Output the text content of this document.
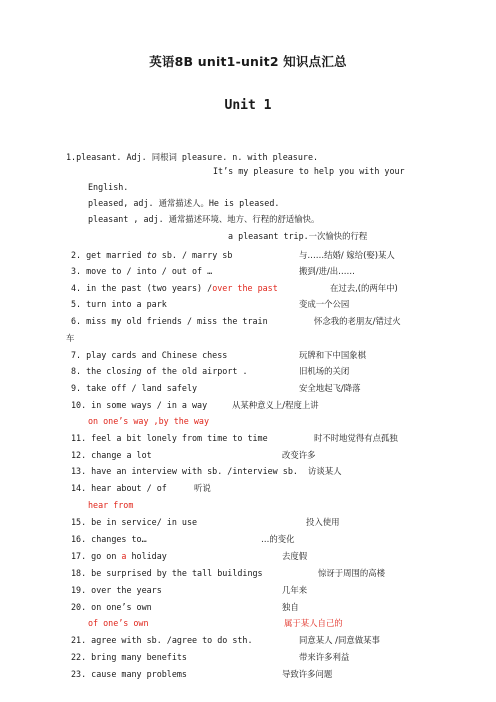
英语8B unit1-unit2 知识点汇总
Unit 1
1.pleasant. Adj. 同根词 pleasure. n. with pleasure.
It’s my pleasure to help you with your
English.
pleased, adj. 通常描述人。He is pleased.
pleasant , adj. 通常描述环境、地方、行程的舒适愉快。
a pleasant trip.一次愉快的行程
2. get married to sb. / marry sb	与……结婚/ 嫁给(娶)某人
3. move to / into / out of …	搬到/进/出……
4. in the past (two years) /over the past	在过去,(的两年中)
5. turn into a park	变成一个公园
6. miss my old friends / miss the train	怀念我的老朋友/错过火
车
7. play cards and Chinese chess	玩牌和下中国象棋
8. the closing of the old airport .	旧机场的关闭
9. take off / land safely	安全地起飞/降落
10. in some ways / in a way	从某种意义上/程度上讲
on one’s way ,by the way
11. feel a bit lonely from time to time	时不时地觉得有点孤独
12. change a lot	改变许多
13. have an interview with sb. /interview sb. 访谈某人
14. hear about / of	听说
hear from
15. be in service/ in use	投入使用
16. changes to…	…的变化
17. go on a holiday	去度假
18. be surprised by the tall buildings	惊讶于周围的高楼
19. over the years	几年来
20. on one’s own	独自
of one’s own	属于某人自己的
21. agree with sb. /agree to do sth.	同意某人 /同意做某事
22. bring many benefits	带来许多利益
23. cause many problems	导致许多问题
